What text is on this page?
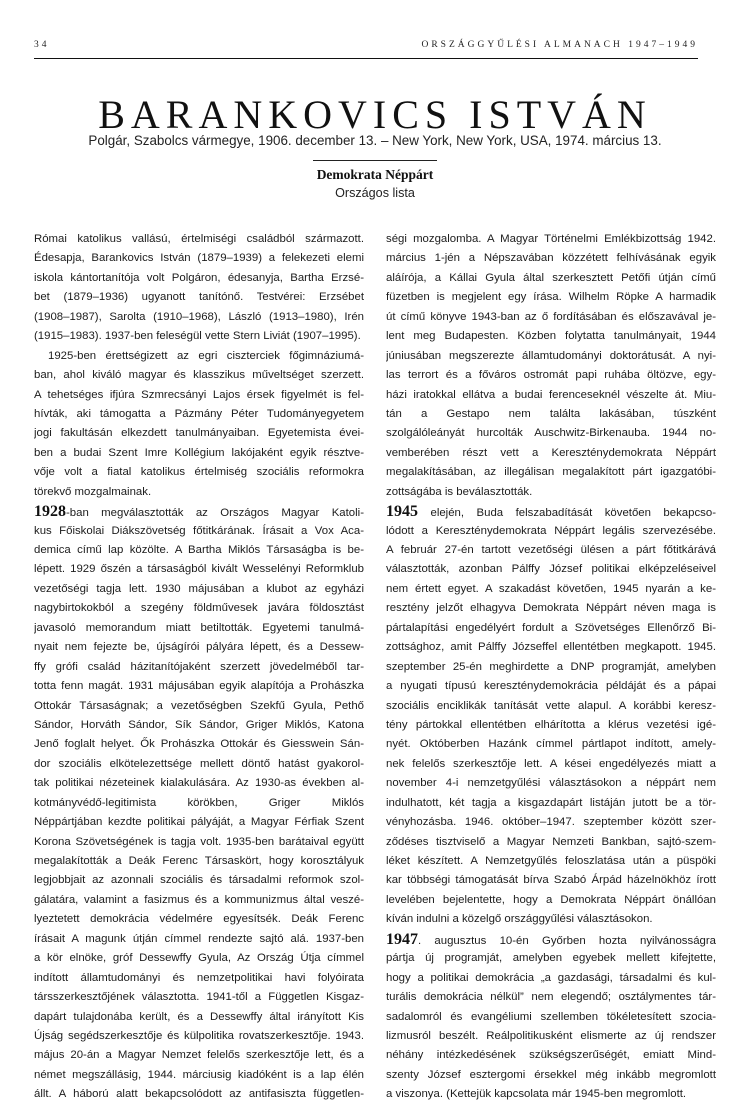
34	ORSZÁGGYŰLÉSI ALMANACH 1947–1949
BARANKOVICS ISTVÁN
Polgár, Szabolcs vármegye, 1906. december 13. – New York, New York, USA, 1974. március 13.
Demokrata Néppárt
Országos lista
Római katolikus vallású, értelmiségi családból származott.
Édesapja, Barankovics István (1879–1939) a felekezeti elemi
iskola kántortanítója volt Polgáron, édesanyja, Bartha Erzsé-
bet (1879–1936) ugyanott tanítónő. Testvérei: Erzsébet
(1908–1987), Sarolta (1910–1968), László (1913–1980), Irén
(1915–1983). 1937-ben feleségül vette Stern Liviát (1907–1995).
1925-ben érettségizett az egri ciszterciek főgimnáziumá-
ban, ahol kiváló magyar és klasszikus műveltséget szerzett.
A tehetséges ifjúra Szmrecsányi Lajos érsek figyelmét is fel-
hívták, aki támogatta a Pázmány Péter Tudományegyetem
jogi fakultásán elkezdett tanulmányaiban. Egyetemista évei-
ben a budai Szent Imre Kollégium lakójaként egyik résztve-
vője volt a fiatal katolikus értelmiség szociális reformokra
törekvő mozgalmainak.
1928-ban megválasztották az Országos Magyar Katoli-
kus Főiskolai Diákszövetség főtitkárának. Írásait a Vox Aca-
demica című lap közölte. A Bartha Miklós Társaságba is be-
lépett. 1929 őszén a társaságból kivált Wesselényi Reformklub
vezetőségi tagja lett. 1930 májusában a klubot az egyházi
nagybirtokokból a szegény földművesek javára földosztást
javasoló memorandum miatt betiltották. Egyetemi tanulmá-
nyait nem fejezte be, újságírói pályára lépett, és a Dessew-
ffy grófi család házitanítójaként szerzett jövedelméből tar-
totta fenn magát. 1931 májusában egyik alapítója a Prohászka
Ottokár Társaságnak; a vezetőségben Szekfű Gyula, Pethő
Sándor, Horváth Sándor, Sík Sándor, Griger Miklós, Katona
Jenő foglalt helyet. Ők Prohászka Ottokár és Giesswein Sán-
dor szociális elkötelezettsége mellett döntő hatást gyakorol-
tak politikai nézeteinek kialakulására. Az 1930-as években al-
kotmányvédő-legitimista körökben, Griger Miklós
Néppártjában kezdte politikai pályáját, a Magyar Férfiak Szent
Korona Szövetségének is tagja volt. 1935-ben barátaival együtt
megalakították a Deák Ferenc Társaskört, hogy korosztályuk
legjobbjait az azonnali szociális és társadalmi reformok szol-
gálatára, valamint a fasizmus és a kommunizmus által veszé-
lyeztetett demokrácia védelmére egyesítsék. Deák Ferenc
írásait A magunk útján címmel rendezte sajtó alá. 1937-ben
a kör elnöke, gróf Dessewffy Gyula, Az Ország Útja címmel
indított államtudományi és nemzetpolitikai havi folyóirata
társszerkesztőjének választotta. 1941-től a Független Kisgaz-
dapárt tulajdonába került, és a Dessewffy által irányított Kis
Újság segédszerkesztője és külpolitika rovatszerkesztője. 1943.
május 20-án a Magyar Nemzet felelős szerkesztője lett, és a
német megszállásig, 1944. márciusig kiadóként is a lap élén
állt. A háború alatt bekapcsolódott az antifasiszta független-
ségi mozgalomba. A Magyar Történelmi Emlékbizottság 1942.
március 1-jén a Népszavában közzétett felhívásának egyik
aláírója, a Kállai Gyula által szerkesztett Petőfi útján című
füzetben is megjelent egy írása. Wilhelm Röpke A harmadik
út című könyve 1943-ban az ő fordításában és előszavával je-
lent meg Budapesten. Közben folytatta tanulmányait, 1944
júniusában megszerezte államtudományi doktorátusát. A nyi-
las terrort és a főváros ostromát papi ruhába öltözve, egy-
házi iratokkal ellátva a budai ferenceseknél vészelte át. Miu-
tán a Gestapo nem találta lakásában, túszként
szolgálóleányát hurcolták Auschwitz-Birkenauba. 1944 no-
vemberében részt vett a Kereszténydemokrata Néppárt
megalakításában, az illegálisan megalakított párt igazgatóbi-
zottságába is beválasztották.
1945 elején, Buda felszabadítását követően bekapcso-
lódott a Kereszténydemokrata Néppárt legális szervezésébe.
A február 27-én tartott vezetőségi ülésen a párt főtitkárává
választották, azonban Pálffy József politikai elképzeléseivel
nem értett egyet. A szakadást követően, 1945 nyarán a ke-
resztény jelzőt elhagyva Demokrata Néppárt néven maga is
pártalapítási engedélyért fordult a Szövetséges Ellenőrző Bi-
zottsághoz, amit Pálffy Józseffel ellentétben megkapott. 1945.
szeptember 25-én meghirdette a DNP programját, amelyben
a nyugati típusú kereszténydemokrácia példáját és a pápai
szociális enciklikák tanítását vette alapul. A korábbi keresz-
tény pártokkal ellentétben elhárította a klérus vezetési igé-
nyét. Októberben Hazánk címmel pártlapot indított, amely-
nek felelős szerkesztője lett. A kései engedélyezés miatt a
november 4-i nemzetgyűlési választásokon a néppárt nem
indulhatott, két tagja a kisgazdapárt listáján jutott be a tör-
vényhozásba. 1946. október–1947. szeptember között szer-
ződéses tisztviselő a Magyar Nemzeti Bankban, sajtó-szem-
léket készített. A Nemzetgyűlés feloszlatása után a püspöki
kar többségi támogatását bírva Szabó Árpád házelnökhöz írott
levelében bejelentette, hogy a Demokrata Néppárt önállóan
kíván indulni a közelgő országgyűlési választásokon.
1947. augusztus 10-én Győrben hozta nyilvánosságra
pártja új programját, amelyben egyebek mellett kifejtette,
hogy a politikai demokrácia „a gazdasági, társadalmi és kul-
turális demokrácia nélkül” nem elegendő; osztálymentes tár-
sadalomról és evangéliumi szellemben tökéletesített szocia-
lizmusról beszélt. Reálpolitikusként elismerte az új rendszer
néhány intézkedésének szükségszerűségét, emiatt Mind-
szenty József esztergomi érsekkel még inkább megromlott
a viszonya. (Kettejük kapcsolata már 1945-ben megromlott.
